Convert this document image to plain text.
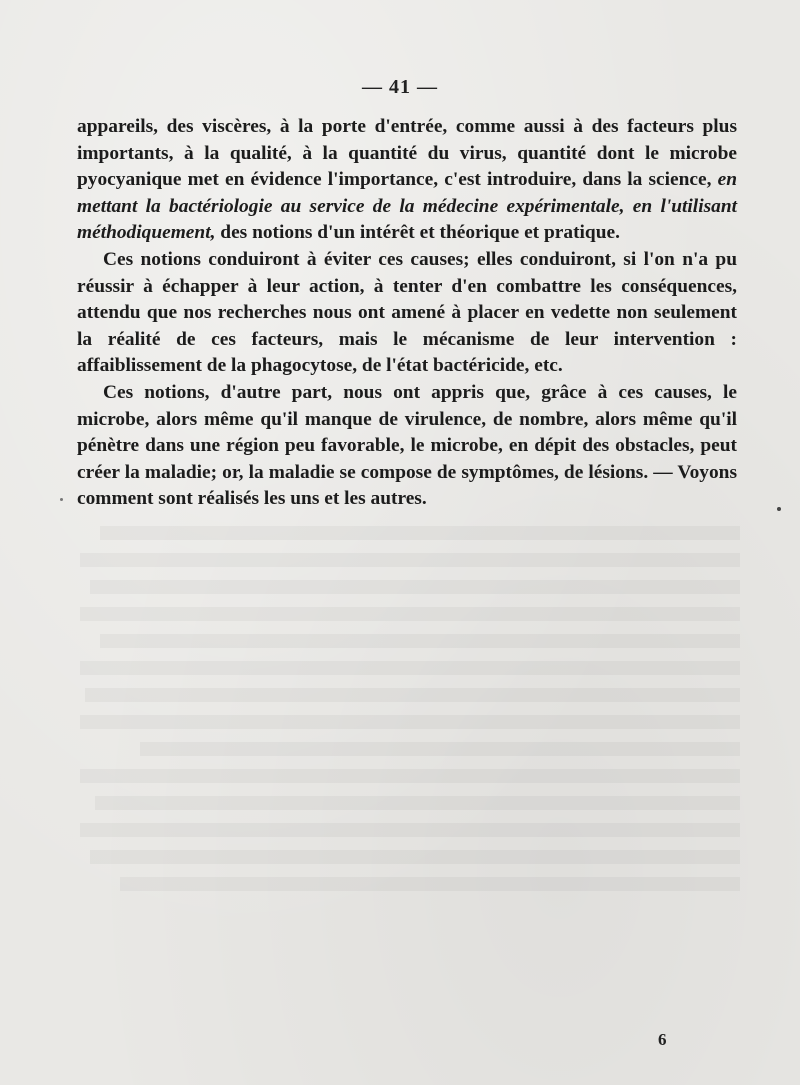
— 41 —

appareils, des viscères, à la porte d'entrée, comme aussi à des facteurs plus importants, à la qualité, à la quantité du virus, quantité dont le microbe pyocyanique met en évidence l'importance, c'est introduire, dans la science, en mettant la bactériologie au service de la médecine expérimentale, en l'utilisant méthodiquement, des notions d'un intérêt et théorique et pratique.

Ces notions conduiront à éviter ces causes; elles conduiront, si l'on n'a pu réussir à échapper à leur action, à tenter d'en combattre les conséquences, attendu que nos recherches nous ont amené à placer en vedette non seulement la réalité de ces facteurs, mais le mécanisme de leur intervention : affaiblissement de la phagocytose, de l'état bactéricide, etc.

Ces notions, d'autre part, nous ont appris que, grâce à ces causes, le microbe, alors même qu'il manque de virulence, de nombre, alors même qu'il pénètre dans une région peu favorable, le microbe, en dépit des obstacles, peut créer la maladie; or, la maladie se compose de symptômes, de lésions. — Voyons comment sont réalisés les uns et les autres.

6
